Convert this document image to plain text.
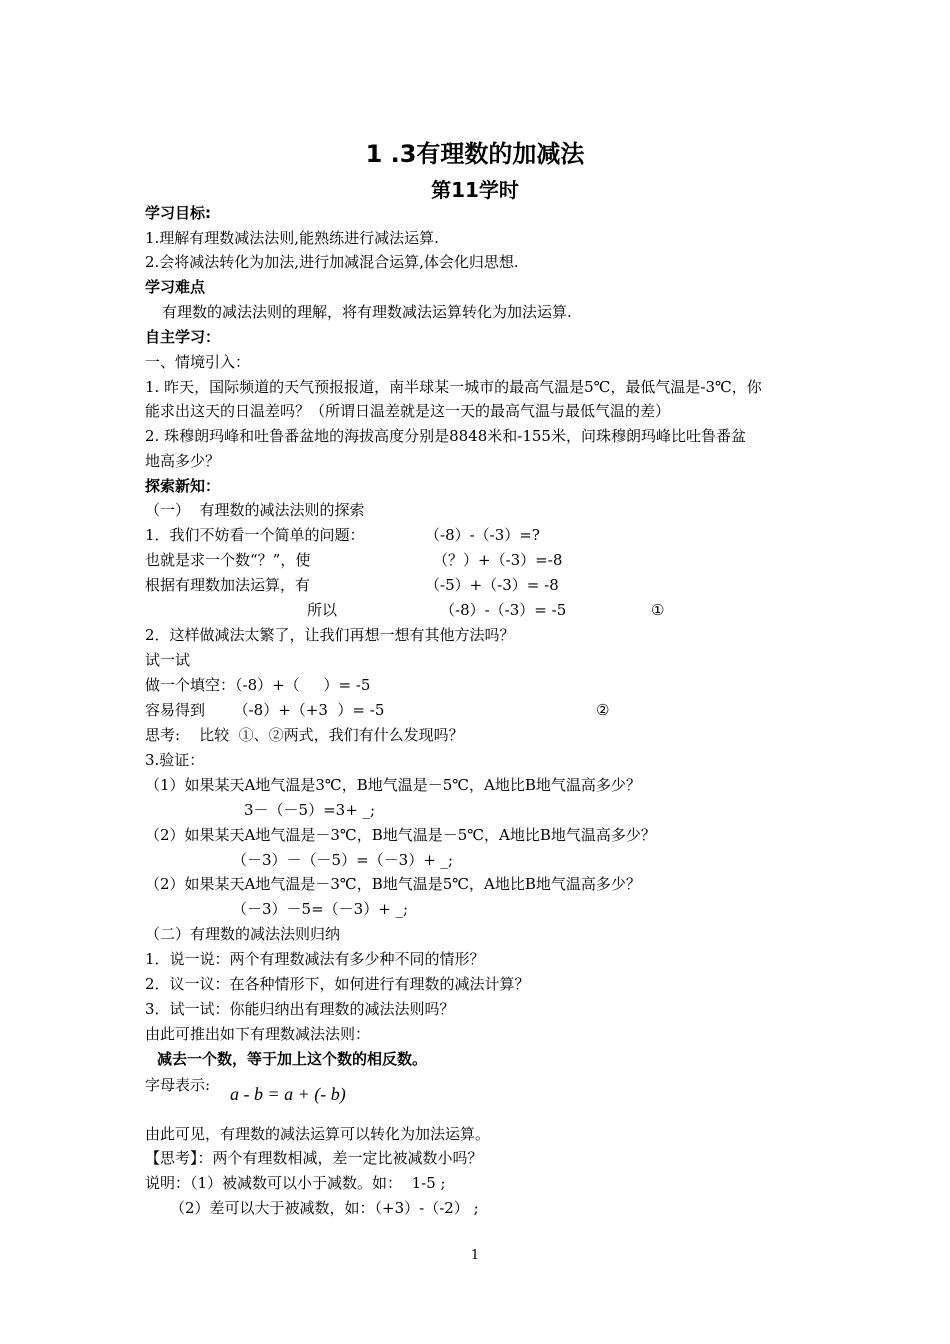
1 .3有理数的加减法
第11学时
学习目标:
1.理解有理数减法法则,能熟练进行减法运算.
2.会将减法转化为加法,进行加减混合运算,体会化归思想.
学习难点
有理数的减法法则的理解，将有理数减法运算转化为加法运算.
自主学习：
一、情境引入：
1. 昨天，国际频道的天气预报报道，南半球某一城市的最高气温是5℃，最低气温是-3℃，你
能求出这天的日温差吗？（所谓日温差就是这一天的最高气温与最低气温的差）
2. 珠穆朗玛峰和吐鲁番盆地的海拔高度分别是8848米和-155米，问珠穆朗玛峰比吐鲁番盆
地高多少？
探索新知：
（一）  有理数的减法法则的探索
1．我们不妨看一个简单的问题：	（-8）-（-3）=?
也就是求一个数“？”，使	（？）+（-3）=-8
根据有理数加法运算，有	（-5）+（-3）= -8
所以	（-8）-（-3）= -5	①
2．这样做减法太繁了，让我们再想一想有其他方法吗？
试一试
做一个填空：（-8）+（     ）= -5
容易得到      （-8）+（+3  ）= -5	②
思考:    比较  ①、②两式，我们有什么发现吗？
3.验证：
（1）如果某天A地气温是3℃，B地气温是－5℃，A地比B地气温高多少？
3－（－5）=3+ _;
（2）如果某天A地气温是－3℃，B地气温是－5℃，A地比B地气温高多少？
（－3）－（－5）=（－3）+ _;
（2）如果某天A地气温是－3℃，B地气温是5℃，A地比B地气温高多少？
（－3）－5=（－3）+ _;
（二）有理数的减法法则归纳
1．说一说：两个有理数减法有多少种不同的情形？
2．议一议：在各种情形下，如何进行有理数的减法计算？
3．试一试：你能归纳出有理数的减法法则吗？
由此可推出如下有理数减法法则：
减去一个数，等于加上这个数的相反数。
字母表示: a - b = a + (- b)
由此可见，有理数的减法运算可以转化为加法运算。
【思考】：两个有理数相减，差一定比被减数小吗？
说明：（1）被减数可以小于减数。如：  1-5 ;
（2）差可以大于被减数，如：（+3）-（-2） ;
1
